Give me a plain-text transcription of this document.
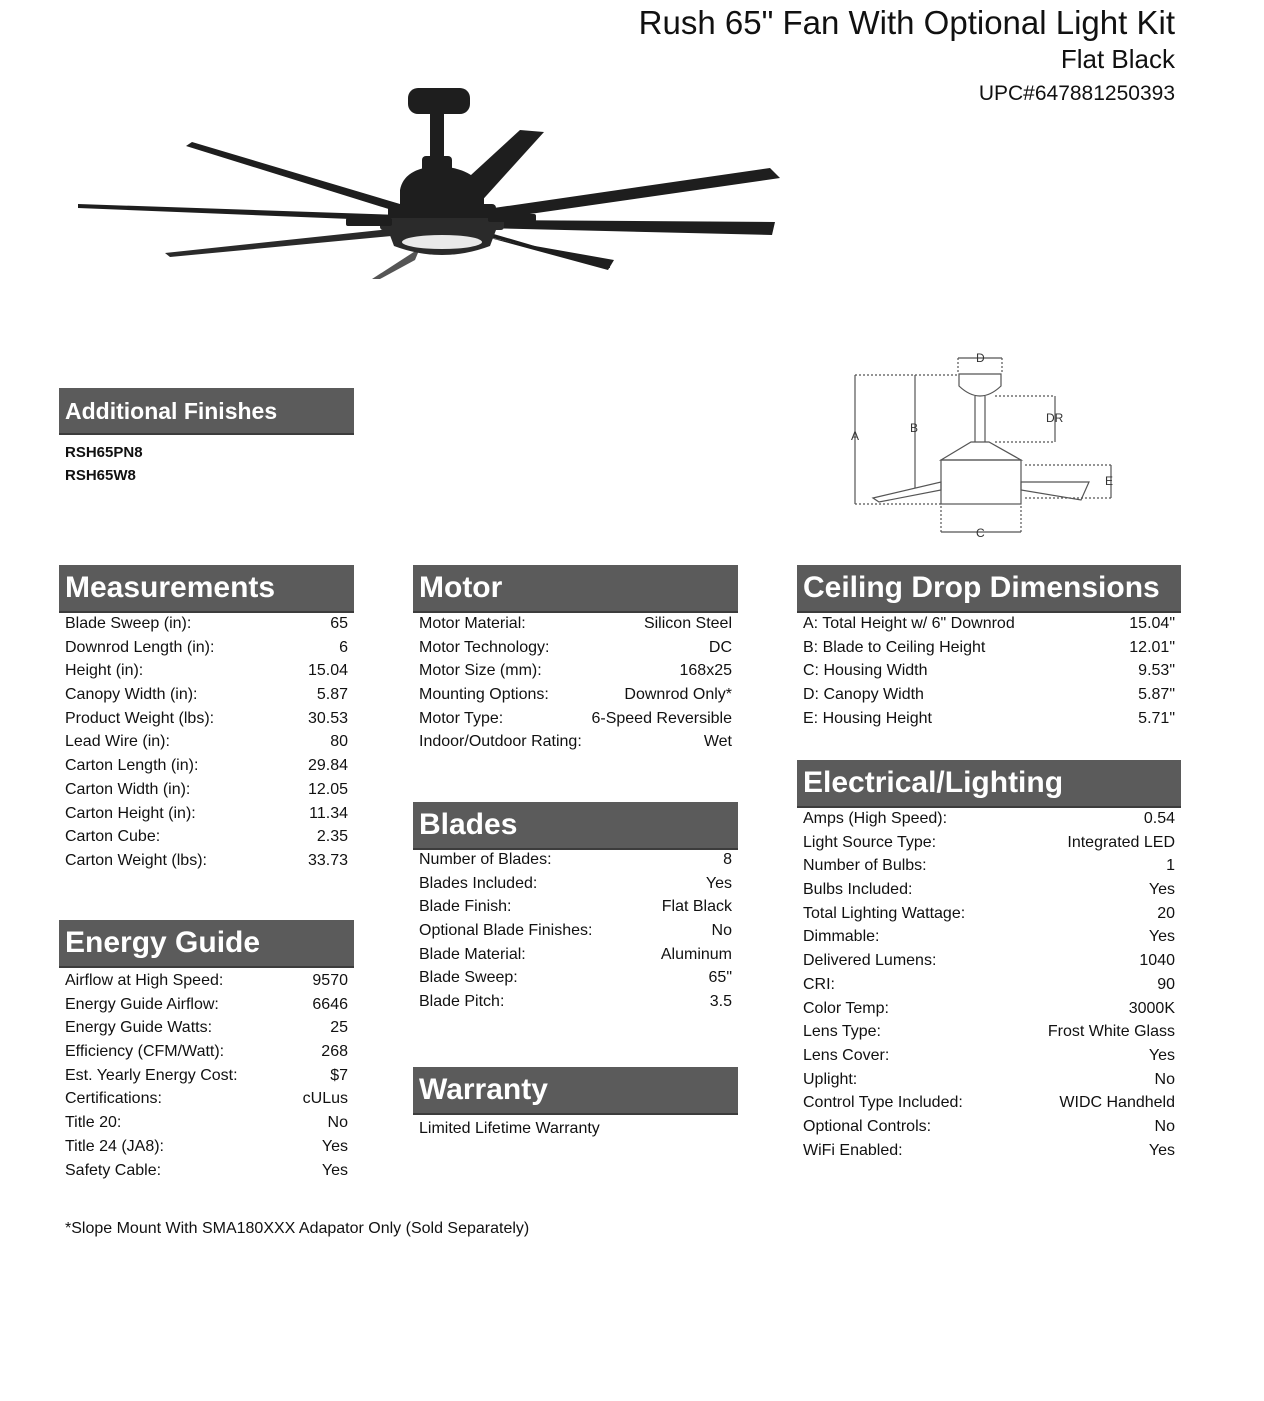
Rush 65" Fan With Optional Light Kit
Flat Black
UPC#647881250393
Additional Finishes
RSH65PN8
RSH65W8
A
B
D
DR
E
C
Measurements
Blade Sweep (in):	65
Downrod Length (in):	6
Height (in):	15.04
Canopy Width (in):	5.87
Product Weight (lbs):	30.53
Lead Wire (in):	80
Carton Length (in):	29.84
Carton Width (in):	12.05
Carton Height (in):	11.34
Carton Cube:	2.35
Carton Weight (lbs):	33.73
Energy Guide
Airflow at High Speed:	9570
Energy Guide Airflow:	6646
Energy Guide Watts:	25
Efficiency (CFM/Watt):	268
Est. Yearly Energy Cost:	$7
Certifications:	cULus
Title 20:	No
Title 24 (JA8):	Yes
Safety Cable:	Yes
Motor
Motor Material:	Silicon Steel
Motor Technology:	DC
Motor Size (mm):	168x25
Mounting Options:	Downrod Only*
Motor Type:	6-Speed Reversible
Indoor/Outdoor Rating:	Wet
Blades
Number of Blades:	8
Blades Included:	Yes
Blade Finish:	Flat Black
Optional Blade Finishes:	No
Blade Material:	Aluminum
Blade Sweep:	65"
Blade Pitch:	3.5
Warranty
Limited Lifetime Warranty
Ceiling Drop Dimensions
A: Total Height w/ 6" Downrod	15.04"
B: Blade to Ceiling Height	12.01"
C: Housing Width	9.53"
D: Canopy Width	5.87"
E: Housing Height	5.71"
Electrical/Lighting
Amps (High Speed):	0.54
Light Source Type:	Integrated LED
Number of Bulbs:	1
Bulbs Included:	Yes
Total Lighting Wattage:	20
Dimmable:	Yes
Delivered Lumens:	1040
CRI:	90
Color Temp:	3000K
Lens Type:	Frost White Glass
Lens Cover:	Yes
Uplight:	No
Control Type Included:	WIDC Handheld
Optional Controls:	No
WiFi Enabled:	Yes
*Slope Mount With SMA180XXX Adapator Only (Sold Separately)
